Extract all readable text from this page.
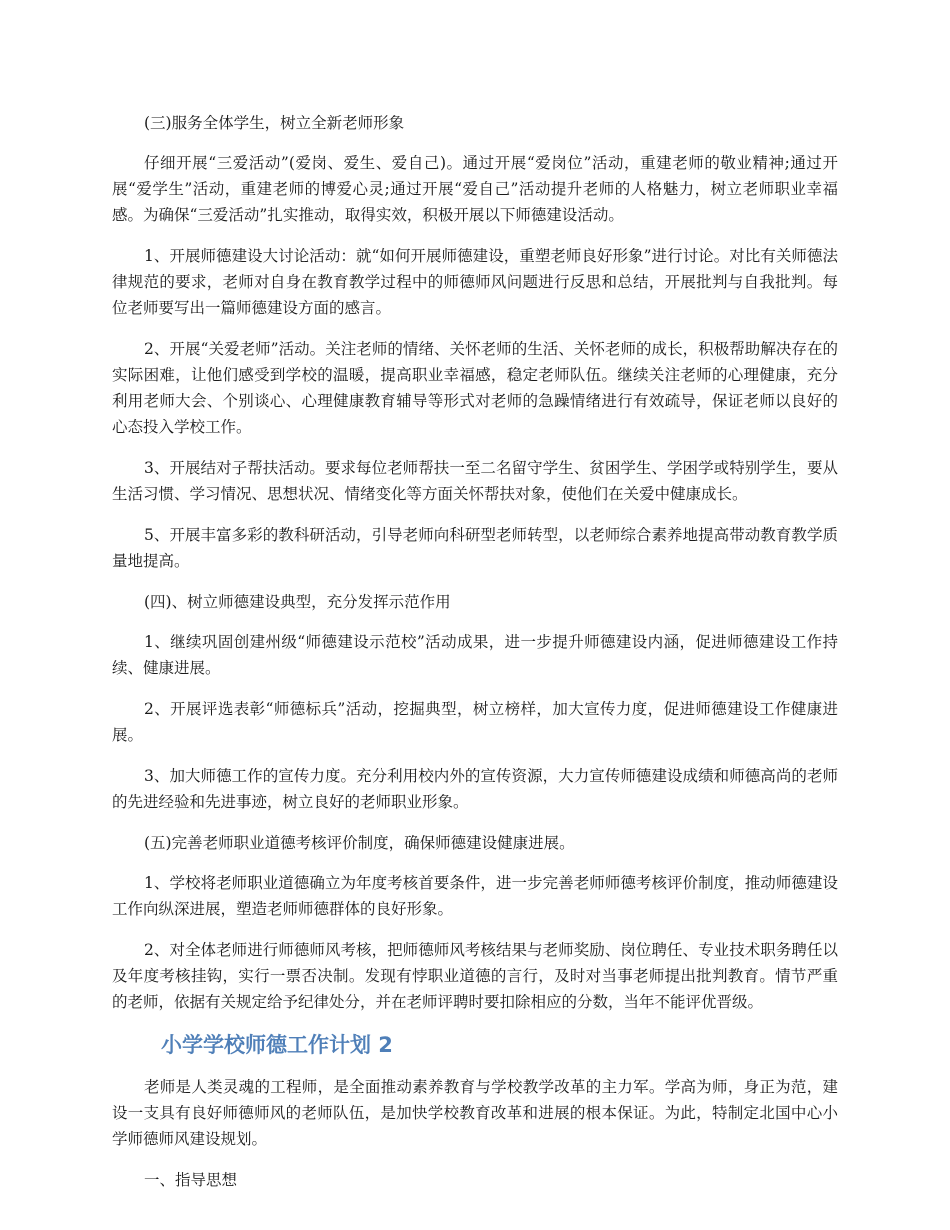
(三)服务全体学生，树立全新老师形象

仔细开展“三爱活动”(爱岗、爱生、爱自己)。通过开展“爱岗位”活动，重建老师的敬业精神;通过开展“爱学生”活动，重建老师的博爱心灵;通过开展“爱自己”活动提升老师的人格魅力，树立老师职业幸福感。为确保“三爱活动”扎实推动，取得实效，积极开展以下师德建设活动。

1、开展师德建设大讨论活动：就“如何开展师德建设，重塑老师良好形象”进行讨论。对比有关师德法律规范的要求，老师对自身在教育教学过程中的师德师风问题进行反思和总结，开展批判与自我批判。每位老师要写出一篇师德建设方面的感言。

2、开展“关爱老师”活动。关注老师的情绪、关怀老师的生活、关怀老师的成长，积极帮助解决存在的实际困难，让他们感受到学校的温暖，提高职业幸福感，稳定老师队伍。继续关注老师的心理健康，充分利用老师大会、个别谈心、心理健康教育辅导等形式对老师的急躁情绪进行有效疏导，保证老师以良好的心态投入学校工作。

3、开展结对子帮扶活动。要求每位老师帮扶一至二名留守学生、贫困学生、学困学或特别学生，要从生活习惯、学习情况、思想状况、情绪变化等方面关怀帮扶对象，使他们在关爱中健康成长。

5、开展丰富多彩的教科研活动，引导老师向科研型老师转型，以老师综合素养地提高带动教育教学质量地提高。

(四)、树立师德建设典型，充分发挥示范作用

1、继续巩固创建州级“师德建设示范校”活动成果，进一步提升师德建设内涵，促进师德建设工作持续、健康进展。

2、开展评选表彰“师德标兵”活动，挖掘典型，树立榜样，加大宣传力度，促进师德建设工作健康进展。

3、加大师德工作的宣传力度。充分利用校内外的宣传资源，大力宣传师德建设成绩和师德高尚的老师的先进经验和先进事迹，树立良好的老师职业形象。

(五)完善老师职业道德考核评价制度，确保师德建设健康进展。

1、学校将老师职业道德确立为年度考核首要条件，进一步完善老师师德考核评价制度，推动师德建设工作向纵深进展，塑造老师师德群体的良好形象。

2、对全体老师进行师德师风考核，把师德师风考核结果与老师奖励、岗位聘任、专业技术职务聘任以及年度考核挂钩，实行一票否决制。发现有悖职业道德的言行，及时对当事老师提出批判教育。情节严重的老师，依据有关规定给予纪律处分，并在老师评聘时要扣除相应的分数，当年不能评优晋级。

小学学校师德工作计划 2

老师是人类灵魂的工程师，是全面推动素养教育与学校教学改革的主力军。学高为师，身正为范，建设一支具有良好师德师风的老师队伍，是加快学校教育改革和进展的根本保证。为此，特制定北国中心小学师德师风建设规划。

一、指导思想
